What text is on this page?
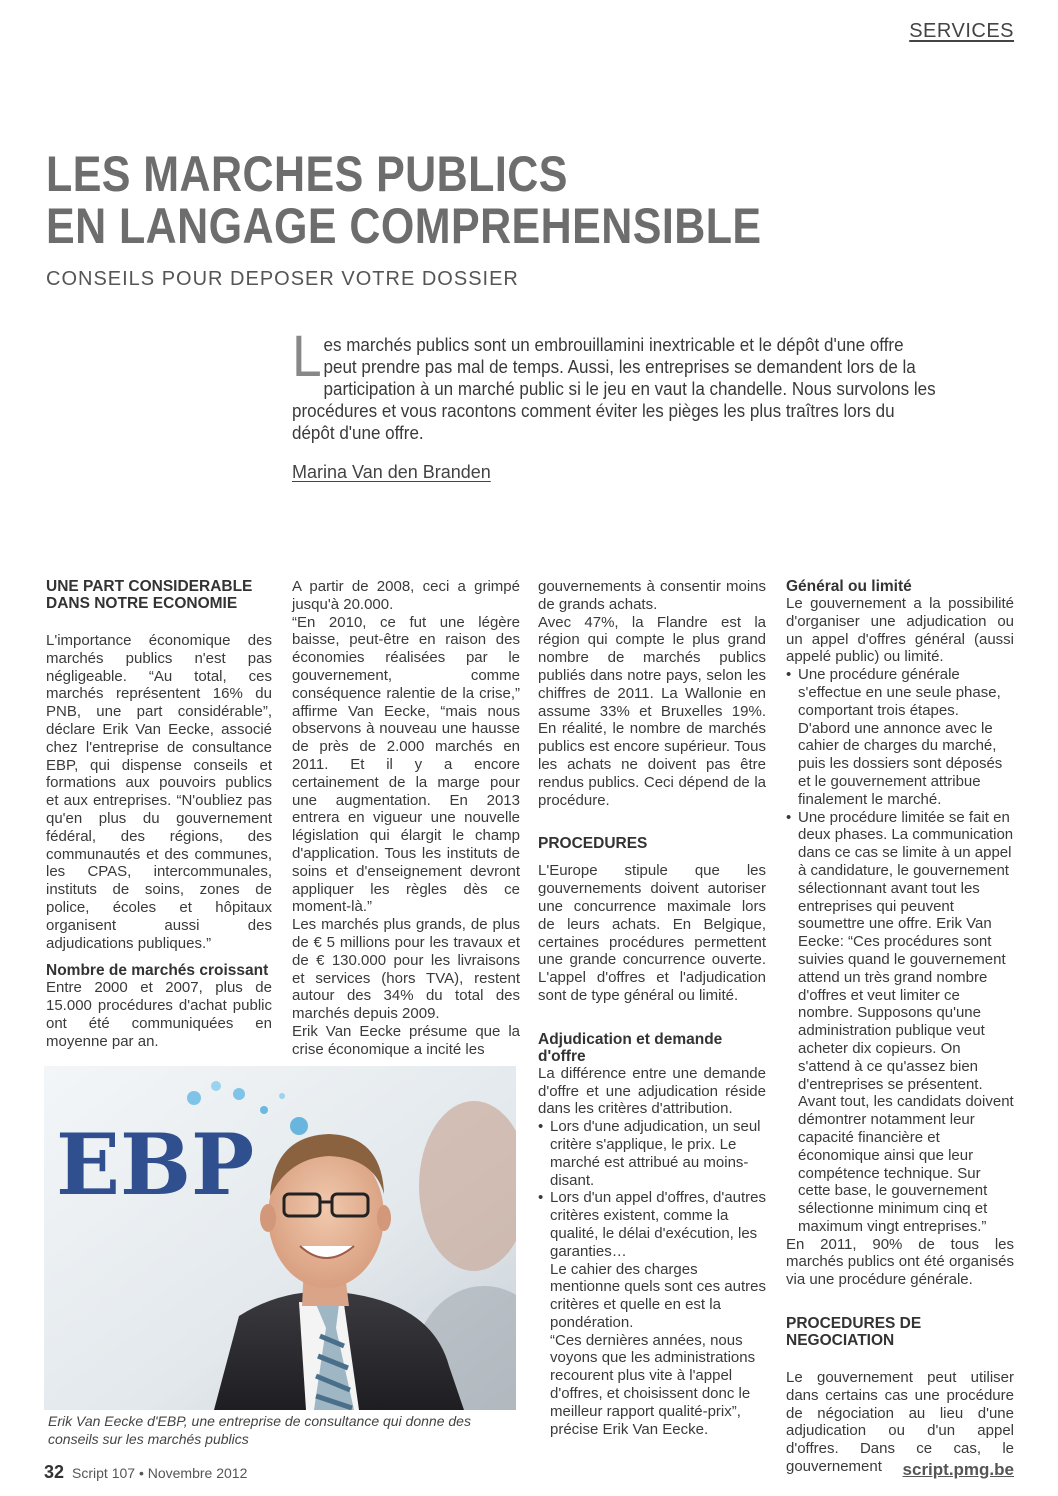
SERVICES
LES MARCHES PUBLICS
EN LANGAGE COMPREHENSIBLE
CONSEILS POUR DEPOSER VOTRE DOSSIER
Les marchés publics sont un embrouillamini inextricable et le dépôt d'une offre peut prendre pas mal de temps. Aussi, les entreprises se demandent lors de la participation à un marché public si le jeu en vaut la chandelle. Nous survolons les procédures et vous racontons comment éviter les pièges les plus traîtres lors du dépôt d'une offre.
Marina Van den Branden
UNE PART CONSIDERABLE DANS NOTRE ECONOMIE

L'importance économique des marchés publics n'est pas négligeable. “Au total, ces marchés représentent 16% du PNB, une part considérable”, déclare Erik Van Eecke, associé chez l'entreprise de consultance EBP, qui dispense conseils et formations aux pouvoirs publics et aux entreprises. “N'oubliez pas qu'en plus du gouvernement fédéral, des régions, des communautés et des communes, les CPAS, intercommunales, instituts de soins, zones de police, écoles et hôpitaux organisent aussi des adjudications publiques.”

Nombre de marchés croissant

Entre 2000 et 2007, plus de 15.000 procédures d'achat public ont été communiquées en moyenne par an.

A partir de 2008, ceci a grimpé jusqu'à 20.000.

“En 2010, ce fut une légère baisse, peut-être en raison des économies réalisées par le gouvernement, comme conséquence ralentie de la crise,” affirme Van Eecke, “mais nous observons à nouveau une hausse de près de 2.000 marchés en 2011. Et il y a encore certainement de la marge pour une augmentation. En 2013 entrera en vigueur une nouvelle législation qui élargit le champ d'application. Tous les instituts de soins et d'enseignement devront appliquer les règles dès ce moment-là.”

Les marchés plus grands, de plus de € 5 millions pour les travaux et de € 130.000 pour les livraisons et services (hors TVA), restent autour des 34% du total des marchés depuis 2009.

Erik Van Eecke présume que la crise économique a incité les

gouvernements à consentir moins de grands achats.

Avec 47%, la Flandre est la région qui compte le plus grand nombre de marchés publics publiés dans notre pays, selon les chiffres de 2011. La Wallonie en assume 33% et Bruxelles 19%. En réalité, le nombre de marchés publics est encore supérieur. Tous les achats ne doivent pas être rendus publics. Ceci dépend de la procédure.

PROCEDURES

L'Europe stipule que les gouvernements doivent autoriser une concurrence maximale lors de leurs achats. En Belgique, certaines procédures permettent une grande concurrence ouverte. L'appel d'offres et l'adjudication sont de type général ou limité.

Adjudication et demande d'offre

La différence entre une demande d'offre et une adjudication réside dans les critères d'attribution.

• Lors d'une adjudication, un seul critère s'applique, le prix. Le marché est attribué au moins-disant.
• Lors d'un appel d'offres, d'autres critères existent, comme la qualité, le délai d'exécution, les garanties…

Le cahier des charges mentionne quels sont ces autres critères et quelle en est la pondération.

“Ces dernières années, nous voyons que les administrations recourent plus vite à l'appel d'offres, et choisissent donc le meilleur rapport qualité-prix”, précise Erik Van Eecke.

Général ou limité

Le gouvernement a la possibilité d'organiser une adjudication ou un appel d'offres général (aussi appelé public) ou limité.

• Une procédure générale s'effectue en une seule phase, comportant trois étapes. D'abord une annonce avec le cahier de charges du marché, puis les dossiers sont déposés et le gouvernement attribue finalement le marché.
• Une procédure limitée se fait en deux phases. La communication dans ce cas se limite à un appel à candidature, le gouvernement sélectionnant avant tout les entreprises qui peuvent soumettre une offre. Erik Van Eecke: “Ces procédures sont suivies quand le gouvernement attend un très grand nombre d'offres et veut limiter ce nombre. Supposons qu'une administration publique veut acheter dix copieurs. On s'attend à ce qu'assez bien d'entreprises se présentent. Avant tout, les candidats doivent démontrer notamment leur capacité financière et économique ainsi que leur compétence technique. Sur cette base, le gouvernement sélectionne minimum cinq et maximum vingt entreprises.”

En 2011, 90% de tous les marchés publics ont été organisés via une procédure générale.

PROCEDURES DE NEGOCIATION

Le gouvernement peut utiliser dans certains cas une procédure de négociation au lieu d'une adjudication ou d'un appel d'offres. Dans ce cas, le gouvernement

EBP
Erik Van Eecke d'EBP, une entreprise de consultance qui donne des conseils sur les marchés publics
32 Script 107 • Novembre 2012	script.pmg.be
